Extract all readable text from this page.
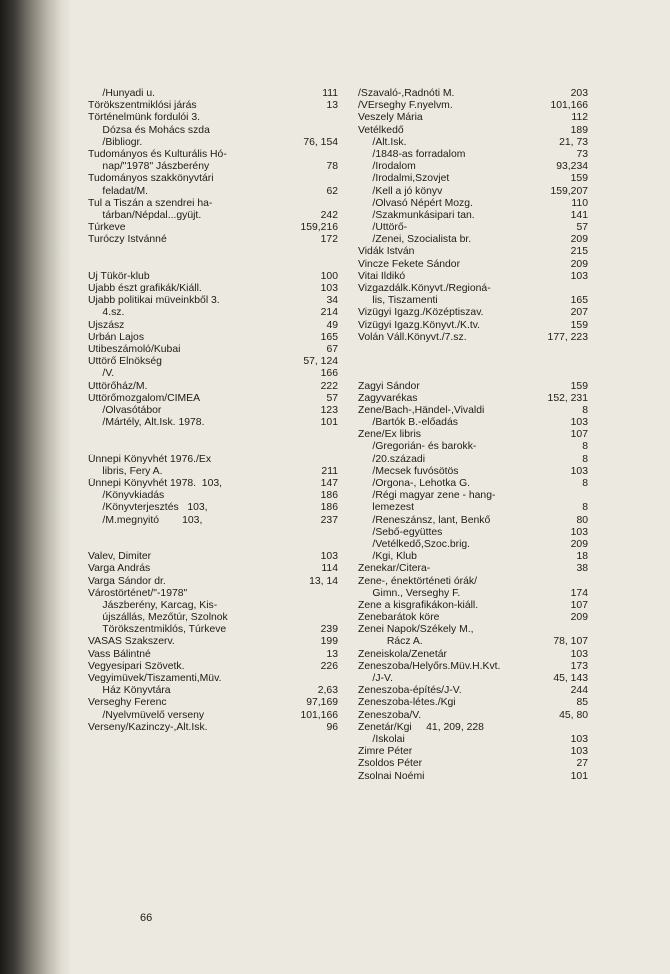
/Hunyadi u.	111
Törökszentmiklósi járás	13
Történelmünk fordulói 3.
Dózsa és Mohács szda
/Bibliogr.	76, 154
Tudományos és Kulturális Hó-
nap/"1978" Jászberény	78
Tudományos szakkönyvtári
feladat/M.	62
Tul a Tiszán a szendrei ha-
tárban/Népdal...gyüjt.	242
Túrkeve	159,216
Turóczy Istvánné	172
Uj Tükör-klub	100
Ujabb észt grafikák/Kiáll.	103
Ujabb politikai müveinkből 3.	34
4.sz.	214
Ujszász	49
Urbán Lajos	165
Utibeszámoló/Kubai	67
Uttörő Elnökség	57, 124
/V.	166
Uttörőház/M.	222
Uttörőmozgalom/CIMEA	57
/Olvasótábor	123
/Mártély, Ált.Isk. 1978.	101
Ünnepi Könyvhét 1976./Ex
libris, Fery A.	211
Ünnepi Könyvhét 1978.  103,	147
/Könyvkiadás	186
/Könyvterjesztés   103,	186
/M.megnyitó        103,	237
Valev, Dimiter	103
Varga András	114
Varga Sándor dr.	13, 14
Várostörténet/"-1978"
Jászberény, Karcag, Kis-
újszállás, Mezőtúr, Szolnok
Törökszentmiklós, Túrkeve	239
VASAS Szakszerv.	199
Vass Bálintné	13
Vegyesipari Szövetk.	226
Vegyimüvek/Tiszamenti,Müv.
Ház Könyvtára	2,63
Verseghy Ferenc	97,169
/Nyelvmüvelő verseny	101,166
Verseny/Kazinczy-,Ált.Isk.	96
/Szavaló-,Radnóti M.	203
/VErseghy F.nyelvm.	101,166
Veszely Mária	112
Vetélkedő	189
/Ált.Isk.	21, 73
/1848-as forradalom	73
/Irodalom	93,234
/Irodalmi,Szovjet	159
/Kell a jó könyv	159,207
/Olvasó Népért Mozg.	110
/Szakmunkásipari tan.	141
/Uttörő-	57
/Zenei, Szocialista br.	209
Vidák István	215
Vincze Fekete Sándor	209
Vitai Ildikó	103
Vizgazdálk.Könyvt./Regioná-
lis, Tiszamenti	165
Vizügyi Igazg./Középtiszav.	207
Vizügyi Igazg.Könyvt./K.tv.	159
Volán Váll.Könyvt./7.sz.	177, 223
Zagyi Sándor	159
Zagyvarékas	152, 231
Zene/Bach-,Händel-,Vivaldi	8
/Bartók B.-előadás	103
Zene/Ex libris	107
/Gregorián- és barokk-	8
/20.századi	8
/Mecsek fuvósötös	103
/Orgona-, Lehotka G.	8
/Régi magyar zene - hang-
lemezest	8
/Reneszánsz, lant, Benkő	80
/Sebő-együttes	103
/Vetélkedő,Szoc.brig.	209
/Kgi, Klub	18
Zenekar/Citera-	38
Zene-, énektörténeti órák/
Gimn., Verseghy F.	174
Zene a kisgrafikákon-kiáll.	107
Zenebarátok köre	209
Zenei Napok/Székely M.,
Rácz A.	78, 107
Zeneiskola/Zenetár	103
Zeneszoba/Helyőrs.Müv.H.Kvt.	173
/J-V.	45, 143
Zeneszoba-építés/J-V.	244
Zeneszoba-létes./Kgi	85
Zeneszoba/V.	45, 80
Zenetár/Kgi     41, 209, 228
/Iskolai	103
Zimre Péter	103
Zsoldos Péter	27
Zsolnai Noémi	101
66
